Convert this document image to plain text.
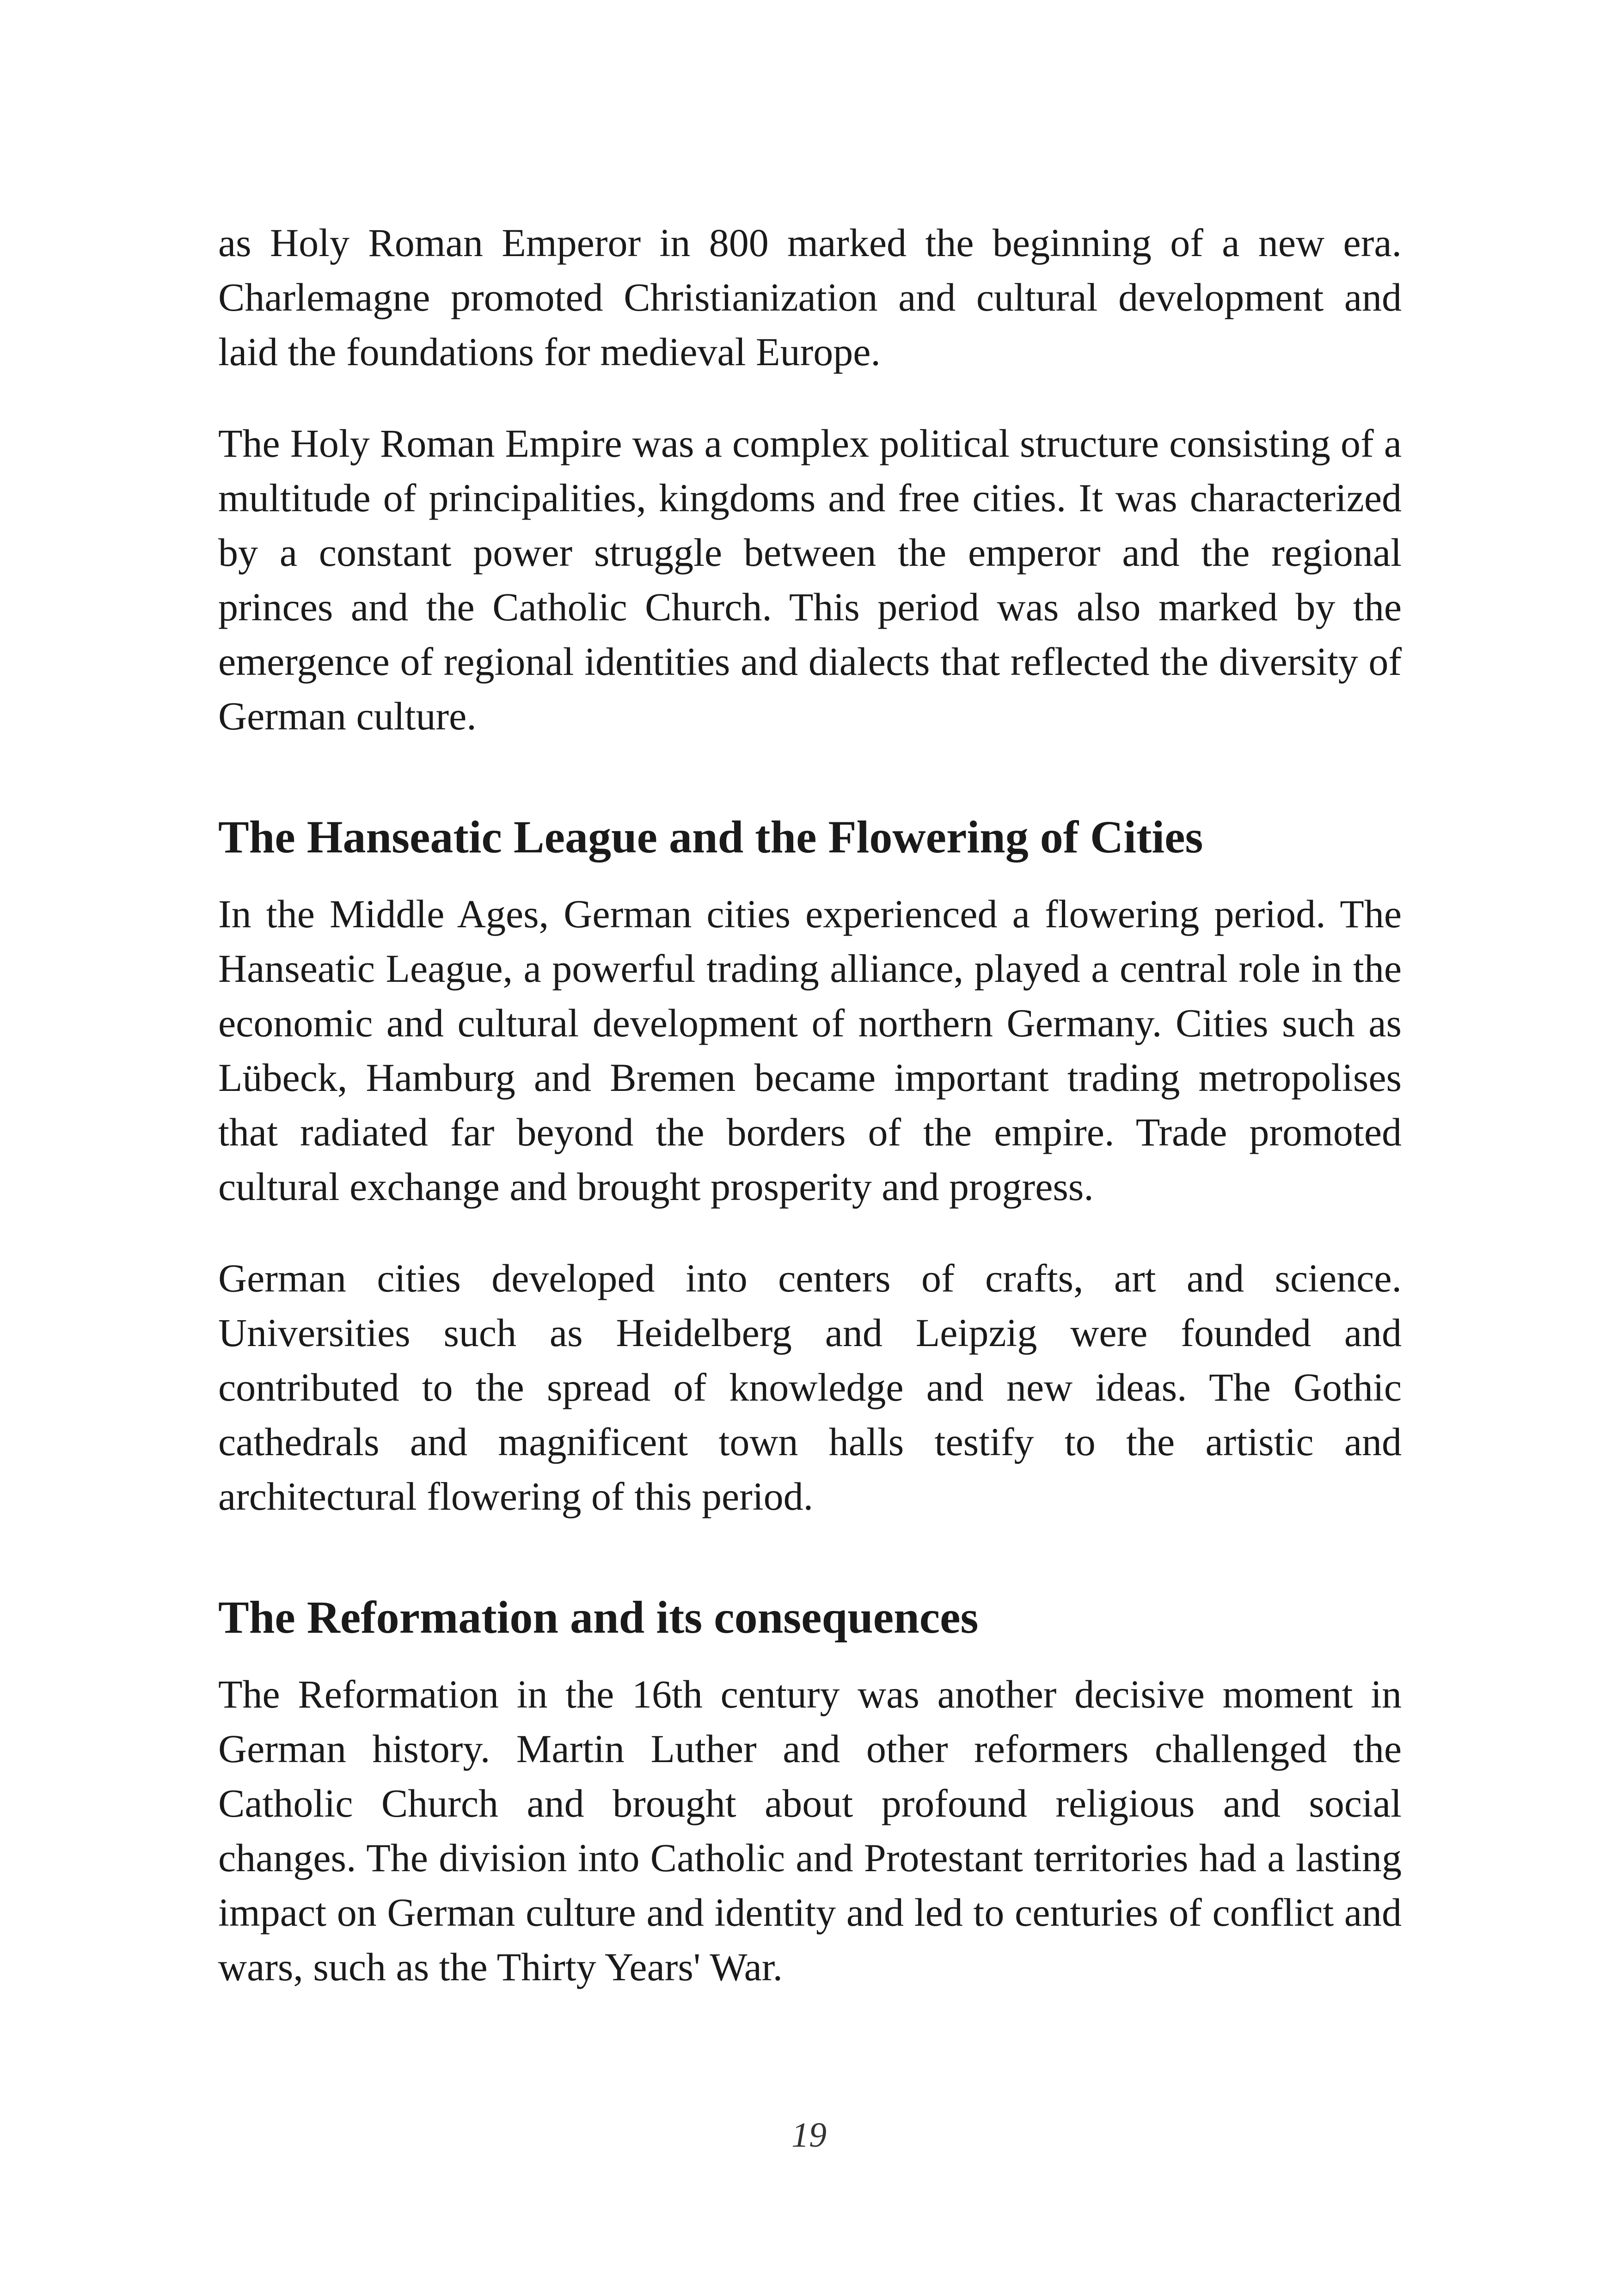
as Holy Roman Emperor in 800 marked the beginning of a new era. Charlemagne promoted Christianization and cultural development and laid the foundations for medieval Europe.

The Holy Roman Empire was a complex political structure consisting of a multitude of principalities, kingdoms and free cities. It was characterized by a constant power struggle between the emperor and the regional princes and the Catholic Church. This period was also marked by the emergence of regional identities and dialects that reflected the diversity of German culture.

The Hanseatic League and the Flowering of Cities

In the Middle Ages, German cities experienced a flowering period. The Hanseatic League, a powerful trading alliance, played a central role in the economic and cultural development of northern Germany. Cities such as Lübeck, Hamburg and Bremen became important trading metropolises that radiated far beyond the borders of the empire. Trade promoted cultural exchange and brought prosperity and progress.

German cities developed into centers of crafts, art and science. Universities such as Heidelberg and Leipzig were founded and contributed to the spread of knowledge and new ideas. The Gothic cathedrals and magnificent town halls testify to the artistic and architectural flowering of this period.

The Reformation and its consequences

The Reformation in the 16th century was another decisive moment in German history. Martin Luther and other reformers challenged the Catholic Church and brought about profound religious and social changes. The division into Catholic and Protestant territories had a lasting impact on German culture and identity and led to centuries of conflict and wars, such as the Thirty Years' War.

19
